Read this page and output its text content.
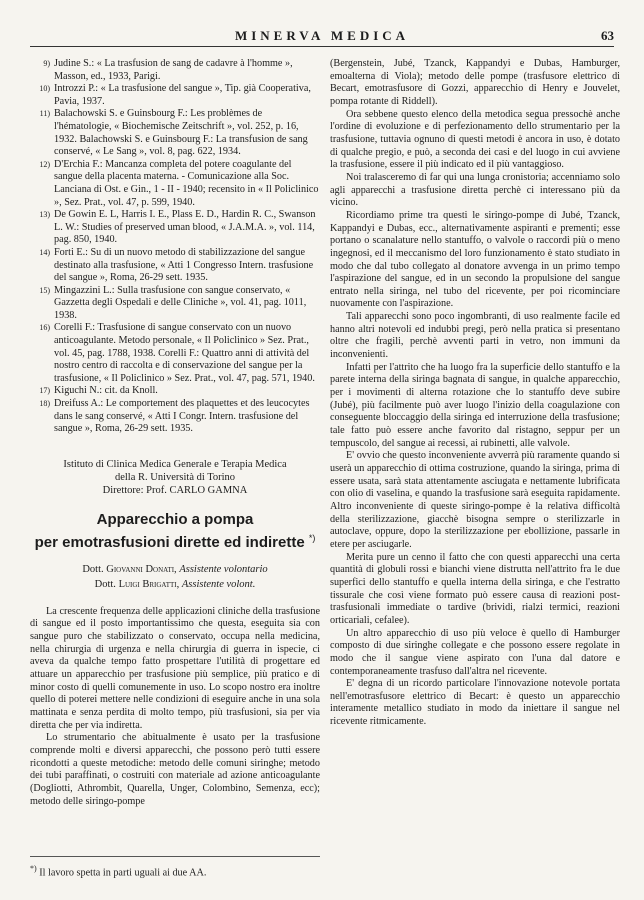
MINERVA MEDICA	63
9) Judine S.: « La trasfusion de sang de cadavre à l'homme », Masson, ed., 1933, Parigi.
10) Introzzi P.: « La trasfusione del sangue », Tip. già Cooperativa, Pavia, 1937.
11) Balachowski S. e Guinsbourg F.: Les problèmes de l'hématologie, « Biochemische Zeitschrift », vol. 252, p. 16, 1932. Balachowski S. e Guinsbourg F.: La transfusion de sang conservé, « Le Sang », vol. 8, pag. 622, 1934.
12) D'Erchia F.: Mancanza completa del potere coagulante del sangue della placenta materna. - Comunicazione alla Soc. Lanciana di Ost. e Gin., 1 - II - 1940; recensito in « Il Policlinico », Sez. Prat., vol. 47, p. 599, 1940.
13) De Gowin E. L, Harris I. E., Plass E. D., Hardin R. C., Swanson L. W.: Studies of preserved uman blood, « J.A.M.A. », vol. 114, pag. 850, 1940.
14) Forti E.: Su di un nuovo metodo di stabilizzazione del sangue destinato alla trasfusione, « Atti 1 Congresso Intern. trasfusione del sangue », Roma, 26-29 sett. 1935.
15) Mingazzini L.: Sulla trasfusione con sangue conservato, « Gazzetta degli Ospedali e delle Cliniche », vol. 41, pag. 1011, 1938.
16) Corelli F.: Trasfusione di sangue conservato con un nuovo anticoagulante. Metodo personale, « Il Policlinico » Sez. Prat., vol. 45, pag. 1788, 1938. Corelli F.: Quattro anni di attività del nostro centro di raccolta e di conservazione del sangue per la trasfusione, « Il Policlinico » Sez. Prat., vol. 47, pag. 571, 1940.
17) Kiguchi N.: cit. da Knoll.
18) Dreifuss A.: Le comportement des plaquettes et des leucocytes dans le sang conservé, « Atti I Congr. Intern. trasfusione del sangue », Roma, 26-29 sett. 1935.
Istituto di Clinica Medica Generale e Terapia Medica
della R. Università di Torino
Direttore: Prof. CARLO GAMNA
Apparecchio a pompa
per emotrasfusioni dirette ed indirette *)
Dott. Giovanni Donati, Assistente volontario
Dott. Luigi Brigatti, Assistente volont.

La crescente frequenza delle applicazioni cliniche della trasfusione di sangue ed il posto importantissimo che questa, eseguita sia con sangue puro che stabilizzato o conservato, occupa nella medicina, nella chirurgia di urgenza e nella chirurgia di guerra in ispecie, ci aveva da qualche tempo fatto prospettare l'utilità di progettare ed attuare un apparecchio per trasfusione più semplice, più pratico e di minor costo di quelli comunemente in uso. Lo scopo nostro era inoltre quello di poterei mettere nelle condizioni di eseguire anche in una sola mattinata e senza perdita di molto tempo, più trasfusioni, sia per via diretta che per via indiretta.

Lo strumentario che abitualmente è usato per la trasfusione comprende molti e diversi apparecchi, che possono però tutti essere ricondotti a queste metodiche: metodo delle comuni siringhe; metodo dei tubi paraffinati, o costruiti con materiale ad azione anticoagulante (Dogliotti, Athrombit, Quarella, Unger, Colombino, Semenza, ecc); metodo delle siringo-pompe

(Bergenstein, Jubé, Tzanck, Kappandyi e Dubas, Hamburger, emoalterna di Viola); metodo delle pompe (trasfusore elettrico di Becart, emotrasfusore di Gozzi, apparecchio di Henry e Jouvelet, pompa rotante di Riddell).

Ora sebbene questo elenco della metodica segua pressochè anche l'ordine di evoluzione e di perfezionamento dello strumentario per la trasfusione, tuttavia ognuno di questi metodi è ancora in uso, è dotato di qualche pregio, e può, a seconda dei casi e del luogo in cui avviene la trasfusione, essere il più indicato ed il più vantaggioso.

Noi tralasceremo di far qui una lunga cronistoria; accenniamo solo agli apparecchi a trasfusione diretta perchè ci interessano più da vicino.

Ricordiamo prime tra questi le siringo-pompe di Jubé, Tzanck, Kappandyi e Dubas, ecc., alternativamente aspiranti e prementi; esse portano o scanalature nello stantuffo, o valvole o raccordi più o meno ingegnosi, ed il meccanismo del loro funzionamento è stato studiato in modo che dal tubo collegato al donatore avvenga in un primo tempo l'aspirazione del sangue, ed in un secondo la propulsione del sangue entrato nella siringa, nel tubo del ricevente, per poi ricominciare nuovamente con l'aspirazione.

Tali apparecchi sono poco ingombranti, di uso realmente facile ed hanno altri notevoli ed indubbi pregi, però nella pratica si presentano oltre che fragili, perchè avventi parti in vetro, non immuni da inconvenienti.

Infatti per l'attrito che ha luogo fra la superficie dello stantuffo e la parete interna della siringa bagnata di sangue, in qualche apparecchio, per i movimenti di alterna rotazione che lo stantuffo deve subire (Jubé), più facilmente può aver luogo l'inizio della coagulazione con conseguente bloccaggio della siringa ed interruzione della trasfusione; tale fatto può essere anche favorito dal ristagno, seppur per un tempuscolo, del sangue ai recessi, ai rubinetti, alle valvole.

E' ovvio che questo inconveniente avverrà più raramente quando si userà un apparecchio di ottima costruzione, quando la siringa, prima di essere usata, sarà stata attentamente asciugata e nettamente lubrificata con olio di vaselina, e quando la trasfusione sarà eseguita rapidamente. Altro inconveniente di queste siringo-pompe è la relativa difficoltà della sterilizzazione, giacchè bisogna sempre o sterilizzarle in autoclave, oppure, dopo la sterilizzazione per ebollizione, passarle in etere per asciugarle.

Merita pure un cenno il fatto che con questi apparecchi una certa quantità di globuli rossi e bianchi viene distrutta nell'attrito fra le due superfici dello stantuffo e quella interna della siringa, e che l'estratto tissurale che così viene formato può essere causa di reazioni post-trasfusionali immediate o tardive (brividi, rialzi termici, reazioni orticariali, cefalee).

Un altro apparecchio di uso più veloce è quello di Hamburger composto di due siringhe collegate e che possono essere regolate in modo che il sangue viene aspirato con l'una dal datore e contemporaneamente trasfuso dall'altra nel ricevente.

E' degna di un ricordo particolare l'innovazione notevole portata nell'emotrasfusore elettrico di Becart: è questo un apparecchio interamente metallico studiato in modo da iniettare il sangue nel ricevente ritmicamente.

*) Il lavoro spetta in parti uguali ai due AA.
